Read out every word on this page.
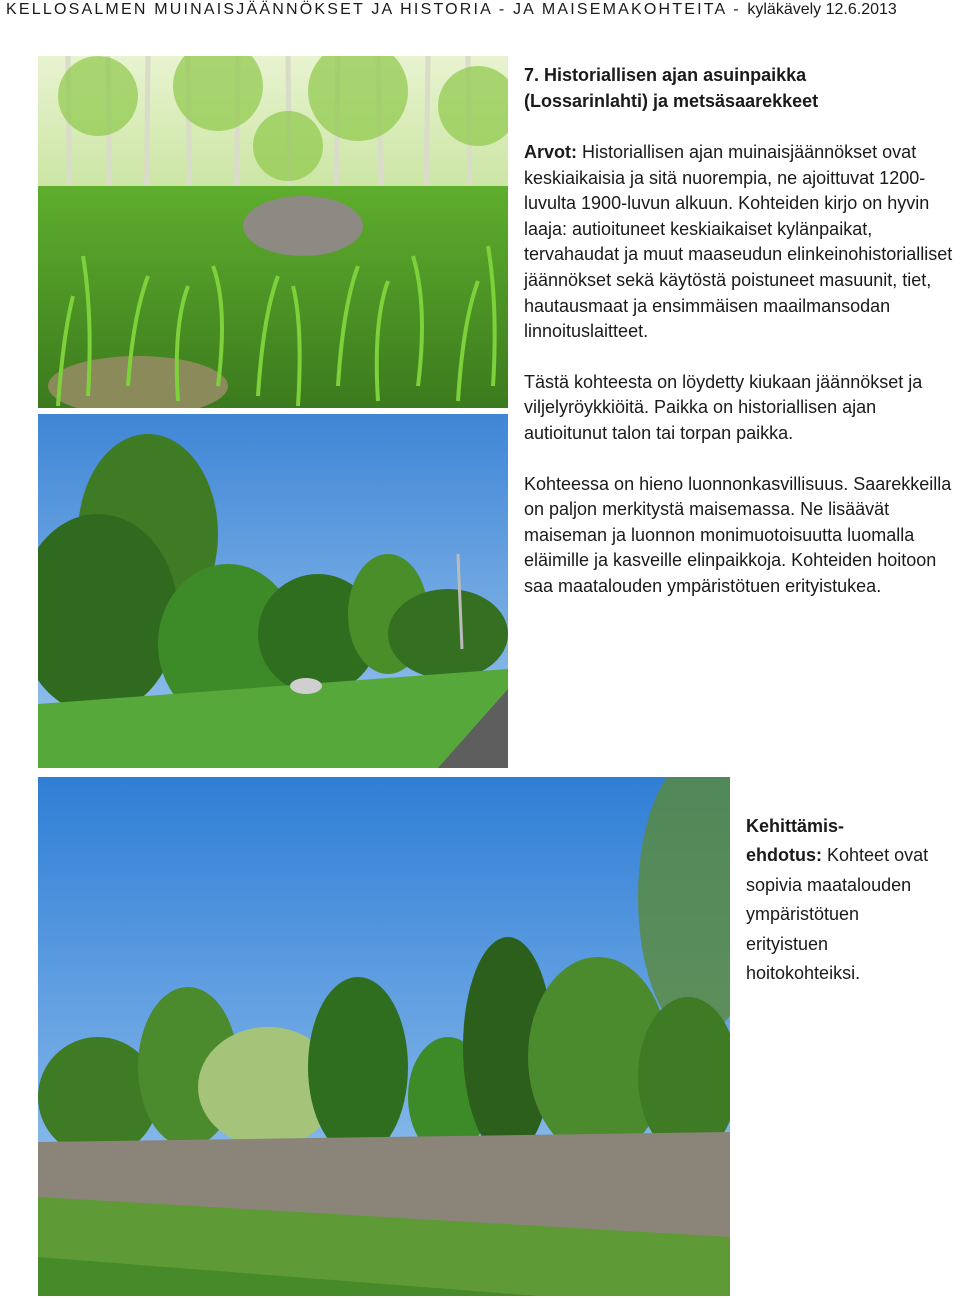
KELLOSALMEN MUINAISJÄÄNNÖKSET JA HISTORIA - JA MAISEMAKOHTEITA - kyläkävely 12.6.2013
7. Historiallisen ajan asuinpaikka
(Lossarinlahti) ja metsäsaarekkeet

Arvot: Historiallisen ajan muinaisjäännökset ovat keskiaikaisia ja sitä nuorempia, ne ajoittuvat 1200-luvulta 1900-luvun alkuun. Kohteiden kirjo on hyvin laaja: autioituneet keskiaikaiset kylänpaikat, tervahaudat ja muut maaseudun elinkeinohistorialliset jäännökset sekä käytöstä poistuneet masuunit, tiet, hautausmaat ja ensimmäisen maailmansodan linnoituslaitteet.

Tästä kohteesta on löydetty kiukaan jäännökset ja viljelyröykkiöitä. Paikka on historiallisen ajan autioitunut talon tai torpan paikka.

Kohteessa on hieno luonnonkasvillisuus. Saarekkeilla on paljon merkitystä maisemassa. Ne lisäävät maiseman ja luonnon monimuotoisuutta luomalla eläimille ja kasveille elinpaikkoja. Kohteiden hoitoon saa maatalouden ympäristötuen erityistukea.

Kehittämis-
ehdotus: Kohteet ovat sopivia maatalouden ympäristötuen erityistuen hoitokohteiksi.
